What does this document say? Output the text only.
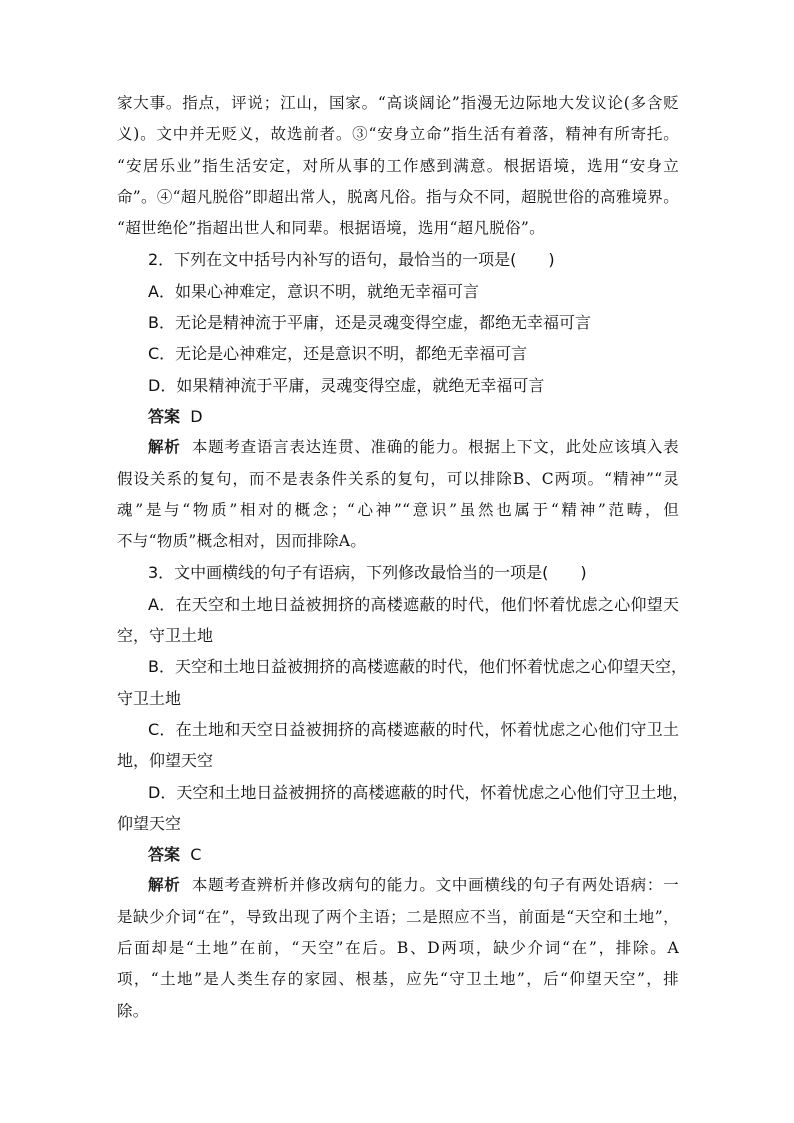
家大事。指点，评说；江山，国家。“高谈阔论”指漫无边际地大发议论(多含贬
义)。文中并无贬义，故选前者。③“安身立命”指生活有着落，精神有所寄托。
“安居乐业”指生活安定，对所从事的工作感到满意。根据语境，选用“安身立
命”。④“超凡脱俗”即超出常人，脱离凡俗。指与众不同，超脱世俗的高雅境界。
“超世绝伦”指超出世人和同辈。根据语境，选用“超凡脱俗”。
2．下列在文中括号内补写的语句，最恰当的一项是(　　)
A．如果心神难定，意识不明，就绝无幸福可言
B．无论是精神流于平庸，还是灵魂变得空虚，都绝无幸福可言
C．无论是心神难定，还是意识不明，都绝无幸福可言
D．如果精神流于平庸，灵魂变得空虚，就绝无幸福可言
答案 D
解析 本题考查语言表达连贯、准确的能力。根据上下文，此处应该填入表
假设关系的复句，而不是表条件关系的复句，可以排除B、C两项。“精神”“灵
魂”是与“物质”相对的概念；“心神”“意识”虽然也属于“精神”范畴，但
不与“物质”概念相对，因而排除A。
3．文中画横线的句子有语病，下列修改最恰当的一项是(　　)
A．在天空和土地日益被拥挤的高楼遮蔽的时代，他们怀着忧虑之心仰望天
空，守卫土地
B．天空和土地日益被拥挤的高楼遮蔽的时代，他们怀着忧虑之心仰望天空，
守卫土地
C．在土地和天空日益被拥挤的高楼遮蔽的时代，怀着忧虑之心他们守卫土
地，仰望天空
D．天空和土地日益被拥挤的高楼遮蔽的时代，怀着忧虑之心他们守卫土地，
仰望天空
答案 C
解析 本题考查辨析并修改病句的能力。文中画横线的句子有两处语病：一
是缺少介词“在”，导致出现了两个主语；二是照应不当，前面是“天空和土地”，
后面却是“土地”在前，“天空”在后。B、D两项，缺少介词“在”，排除。A
项，“土地”是人类生存的家园、根基，应先“守卫土地”，后“仰望天空”，排
除。
